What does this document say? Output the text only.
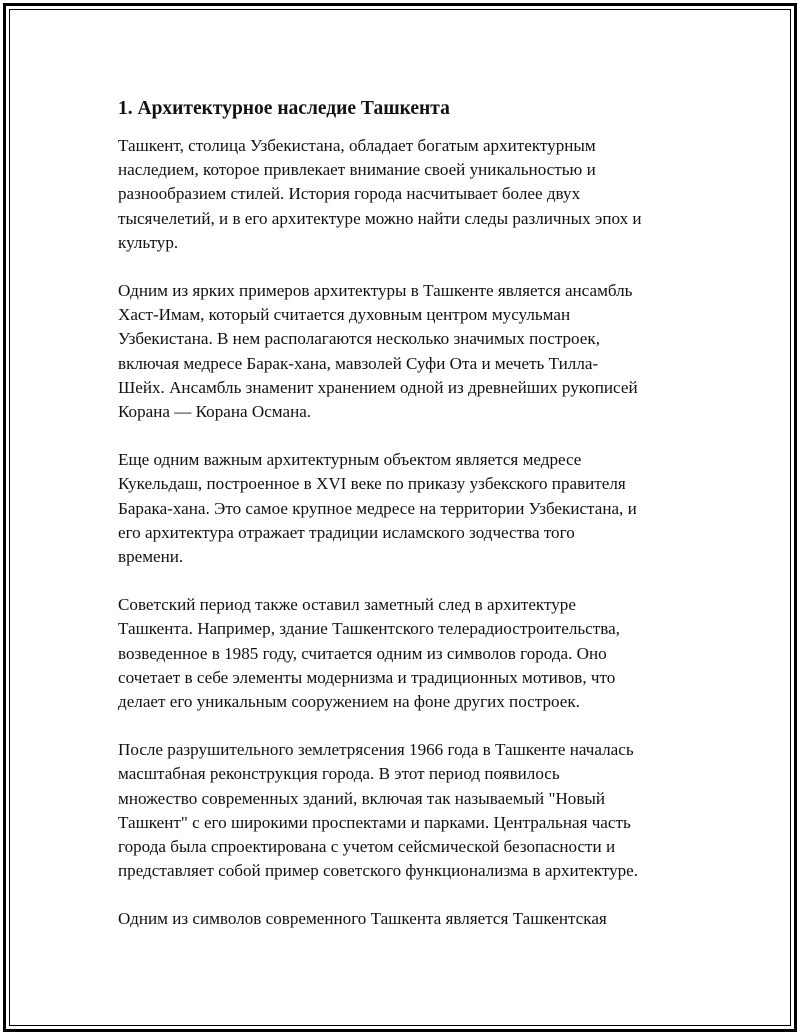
1. Архитектурное наследие Ташкента

Ташкент, столица Узбекистана, обладает богатым архитектурным
наследием, которое привлекает внимание своей уникальностью и
разнообразием стилей. История города насчитывает более двух
тысячелетий, и в его архитектуре можно найти следы различных эпох и
культур.

Одним из ярких примеров архитектуры в Ташкенте является ансамбль
Хаст-Имам, который считается духовным центром мусульман
Узбекистана. В нем располагаются несколько значимых построек,
включая медресе Барак-хана, мавзолей Суфи Ота и мечеть Тилла-
Шейх. Ансамбль знаменит хранением одной из древнейших рукописей
Корана — Корана Османа.

Еще одним важным архитектурным объектом является медресе
Кукельдаш, построенное в XVI веке по приказу узбекского правителя
Барака-хана. Это самое крупное медресе на территории Узбекистана, и
его архитектура отражает традиции исламского зодчества того
времени.

Советский период также оставил заметный след в архитектуре
Ташкента. Например, здание Ташкентского телерадиостроительства,
возведенное в 1985 году, считается одним из символов города. Оно
сочетает в себе элементы модернизма и традиционных мотивов, что
делает его уникальным сооружением на фоне других построек.

После разрушительного землетрясения 1966 года в Ташкенте началась
масштабная реконструкция города. В этот период появилось
множество современных зданий, включая так называемый "Новый
Ташкент" с его широкими проспектами и парками. Центральная часть
города была спроектирована с учетом сейсмической безопасности и
представляет собой пример советского функционализма в архитектуре.

Одним из символов современного Ташкента является Ташкентская
